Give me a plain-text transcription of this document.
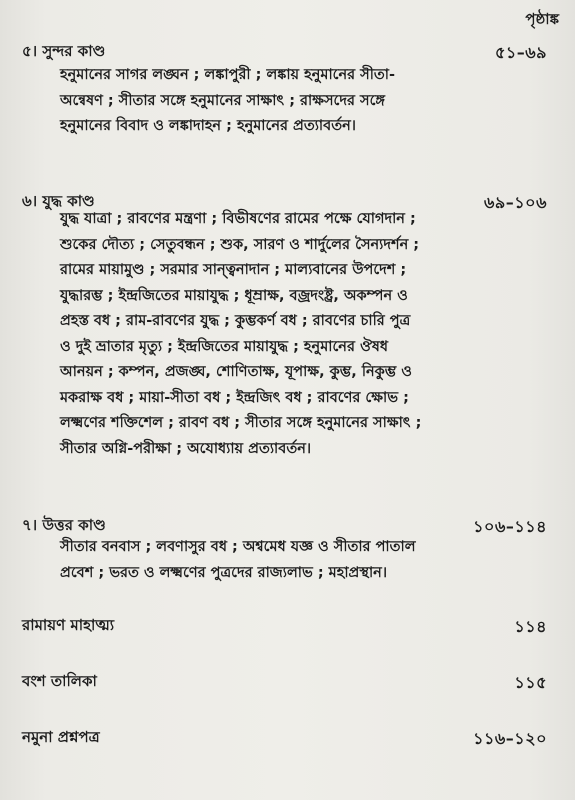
পৃষ্ঠাঙ্ক
৫। সুন্দর কাণ্ড	৫১–৬৯
হনুমানের সাগর লঙ্ঘন ; লঙ্কাপুরী ; লঙ্কায় হনুমানের সীতা-
অন্বেষণ ; সীতার সঙ্গে হনুমানের সাক্ষাৎ ; রাক্ষসদের সঙ্গে
হনুমানের বিবাদ ও লঙ্কাদাহন ; হনুমানের প্রত্যাবর্তন।
৬। যুদ্ধ কাণ্ড	৬৯–১০৬
যুদ্ধ যাত্রা ; রাবণের মন্ত্রণা ; বিভীষণের রামের পক্ষে যোগদান ;
শুকের দৌত্য ; সেতুবন্ধন ; শুক, সারণ ও শার্দুলের সৈন্যদর্শন ;
রামের মায়ামুণ্ড ; সরমার সান্ত্বনাদান ; মাল্যবানের উপদেশ ;
যুদ্ধারম্ভ ; ইন্দ্রজিতের মায়াযুদ্ধ ; ধূম্রাক্ষ, বজ্রদংষ্ট্র, অকম্পন ও
প্রহস্ত বধ ; রাম-রাবণের যুদ্ধ ; কুম্ভকর্ণ বধ ; রাবণের চারি পুত্র
ও দুই ভ্রাতার মৃত্যু ; ইন্দ্রজিতের মায়াযুদ্ধ ; হনুমানের ঔষধ
আনয়ন ; কম্পন, প্রজঙ্ঘ, শোণিতাক্ষ, যূপাক্ষ, কুম্ভ, নিকুম্ভ ও
মকরাক্ষ বধ ; মায়া-সীতা বধ ; ইন্দ্রজিৎ বধ ; রাবণের ক্ষোভ ;
লক্ষ্মণের শক্তিশেল ; রাবণ বধ ; সীতার সঙ্গে হনুমানের সাক্ষাৎ ;
সীতার অগ্নি-পরীক্ষা ; অযোধ্যায় প্রত্যাবর্তন।
৭। উত্তর কাণ্ড	১০৬–১১৪
সীতার বনবাস ; লবণাসুর বধ ; অশ্বমেধ যজ্ঞ ও সীতার পাতাল
প্রবেশ ; ভরত ও লক্ষ্মণের পুত্রদের রাজ্যলাভ ; মহাপ্রস্থান।
রামায়ণ মাহাত্ম্য	১১৪
বংশ তালিকা	১১৫
নমুনা প্রশ্নপত্র	১১৬–১২০
